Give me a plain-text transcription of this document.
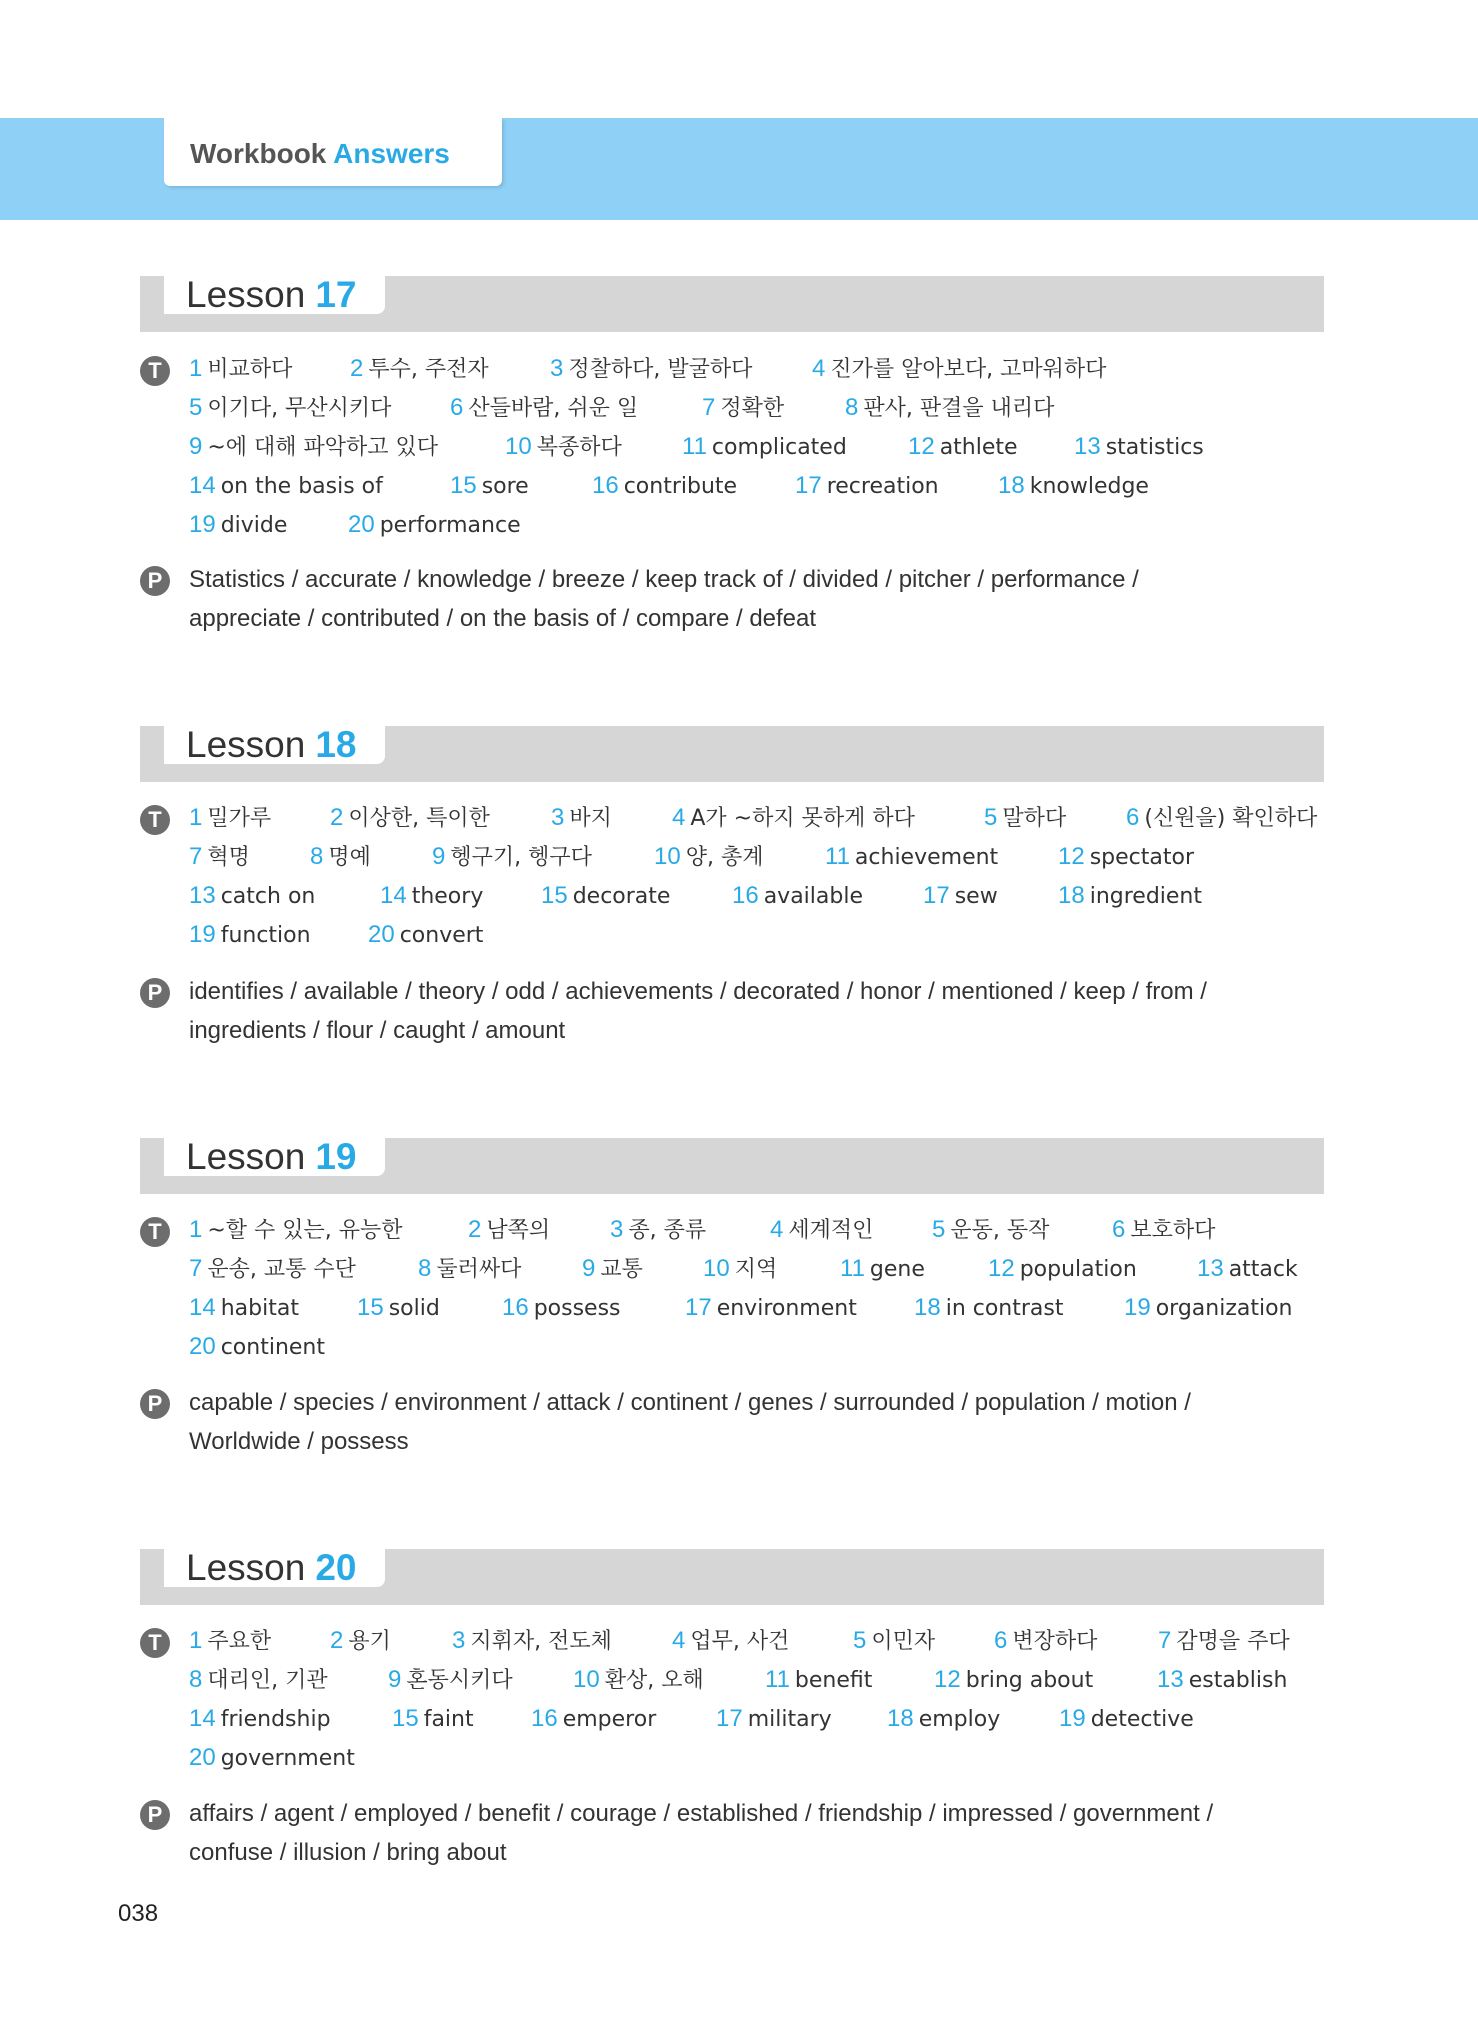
Workbook Answers
Lesson 17
T
P
1 비교하다 2 투수, 주전자	3 정찰하다, 발굴하다 4 진가를 알아보다, 고마워하다
5 이기다, 무산시키다 6 산들바람, 쉬운 일	7 정확한	8 판사, 판결을 내리다
9 ~에 대해 파악하고 있다	10 복종하다	11 complicated	12 athlete 13 statistics
14 on the basis of	15 sore	16 contribute 17 recreation 18 knowledge
19 divide	20 performance
Statistics / accurate / knowledge / breeze / keep track of / divided / pitcher / performance /
appreciate / contributed / on the basis of / compare / defeat
Lesson 18
T
P
1 밀가루 2 이상한, 특이한	3 바지	4 A가 ~하지 못하게 하다	5 말하다 6 (신원을) 확인하다
7 혁명	8 명예	9 헹구기, 헹구다	10 양, 총계	11 achievement 12 spectator
13 catch on	14 theory 15 decorate	16 available 17 sew	18 ingredient
19 function 20 convert
identifies / available / theory / odd / achievements / decorated / honor / mentioned / keep / from /
ingredients / flour / caught / amount
Lesson 19
T
P
1 ~할 수 있는, 유능한	2 남쪽의 3 종, 종류	4 세계적인 5 운동, 동작	6 보호하다
7 운송, 교통 수단	8 둘러싸다	9 교통	10 지역	11 gene	12 population	13 attack
14 habitat 15 solid	16 possess	17 environment 18 in contrast	19 organization
20 continent
capable / species / environment / attack / continent / genes / surrounded / population / motion /
Worldwide / possess
Lesson 20
T
P
1 주요한 2 용기	3 지휘자, 전도체	4 업무, 사건	5 이민자 6 변장하다	7 감명을 주다
8 대리인, 기관	9 혼동시키다	10 환상, 오해	11 benefit	12 bring about	13 establish
14 friendship	15 faint 16 emperor 17 military 18 employ 19 detective
20 government
affairs / agent / employed / benefit / courage / established / friendship / impressed / government /
confuse / illusion / bring about
038
